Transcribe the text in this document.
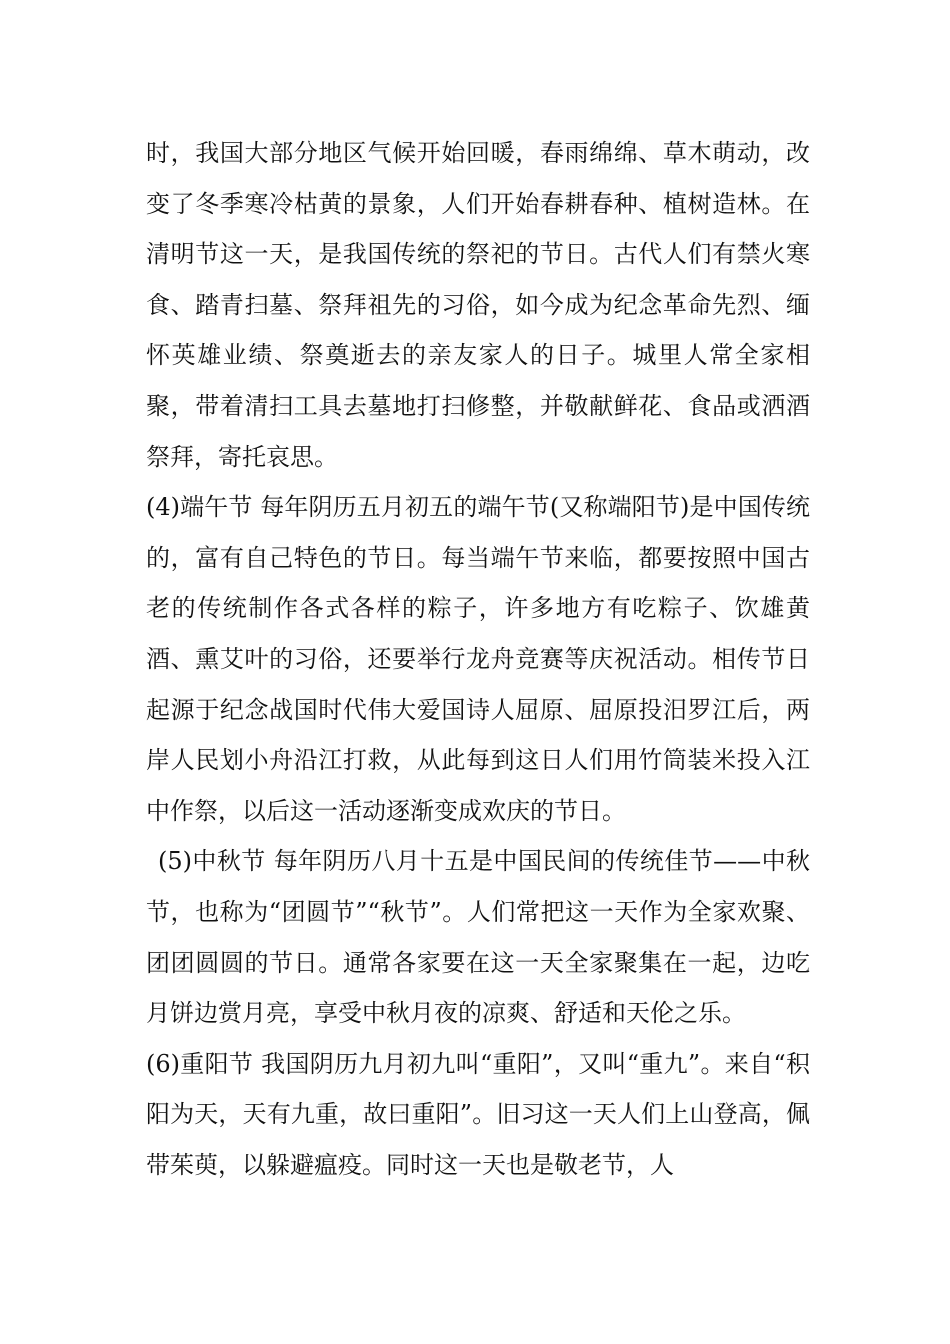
时，我国大部分地区气候开始回暖，春雨绵绵、草木萌动，改变了冬季寒冷枯黄的景象，人们开始春耕春种、植树造林。在清明节这一天，是我国传统的祭祀的节日。古代人们有禁火寒食、踏青扫墓、祭拜祖先的习俗，如今成为纪念革命先烈、缅怀英雄业绩、祭奠逝去的亲友家人的日子。城里人常全家相聚，带着清扫工具去墓地打扫修整，并敬献鲜花、食品或洒酒祭拜，寄托哀思。

(4)端午节 每年阴历五月初五的端午节(又称端阳节)是中国传统的，富有自己特色的节日。每当端午节来临，都要按照中国古老的传统制作各式各样的粽子，许多地方有吃粽子、饮雄黄酒、熏艾叶的习俗，还要举行龙舟竞赛等庆祝活动。相传节日起源于纪念战国时代伟大爱国诗人屈原、屈原投汨罗江后，两岸人民划小舟沿江打救，从此每到这日人们用竹筒装米投入江中作祭，以后这一活动逐渐变成欢庆的节日。

(5)中秋节 每年阴历八月十五是中国民间的传统佳节——中秋节，也称为“团圆节”“秋节”。人们常把这一天作为全家欢聚、团团圆圆的节日。通常各家要在这一天全家聚集在一起，边吃月饼边赏月亮，享受中秋月夜的凉爽、舒适和天伦之乐。

(6)重阳节 我国阴历九月初九叫“重阳”，又叫“重九”。来自“积阳为天，天有九重，故曰重阳”。旧习这一天人们上山登高，佩带茱萸，以躲避瘟疫。同时这一天也是敬老节，人
